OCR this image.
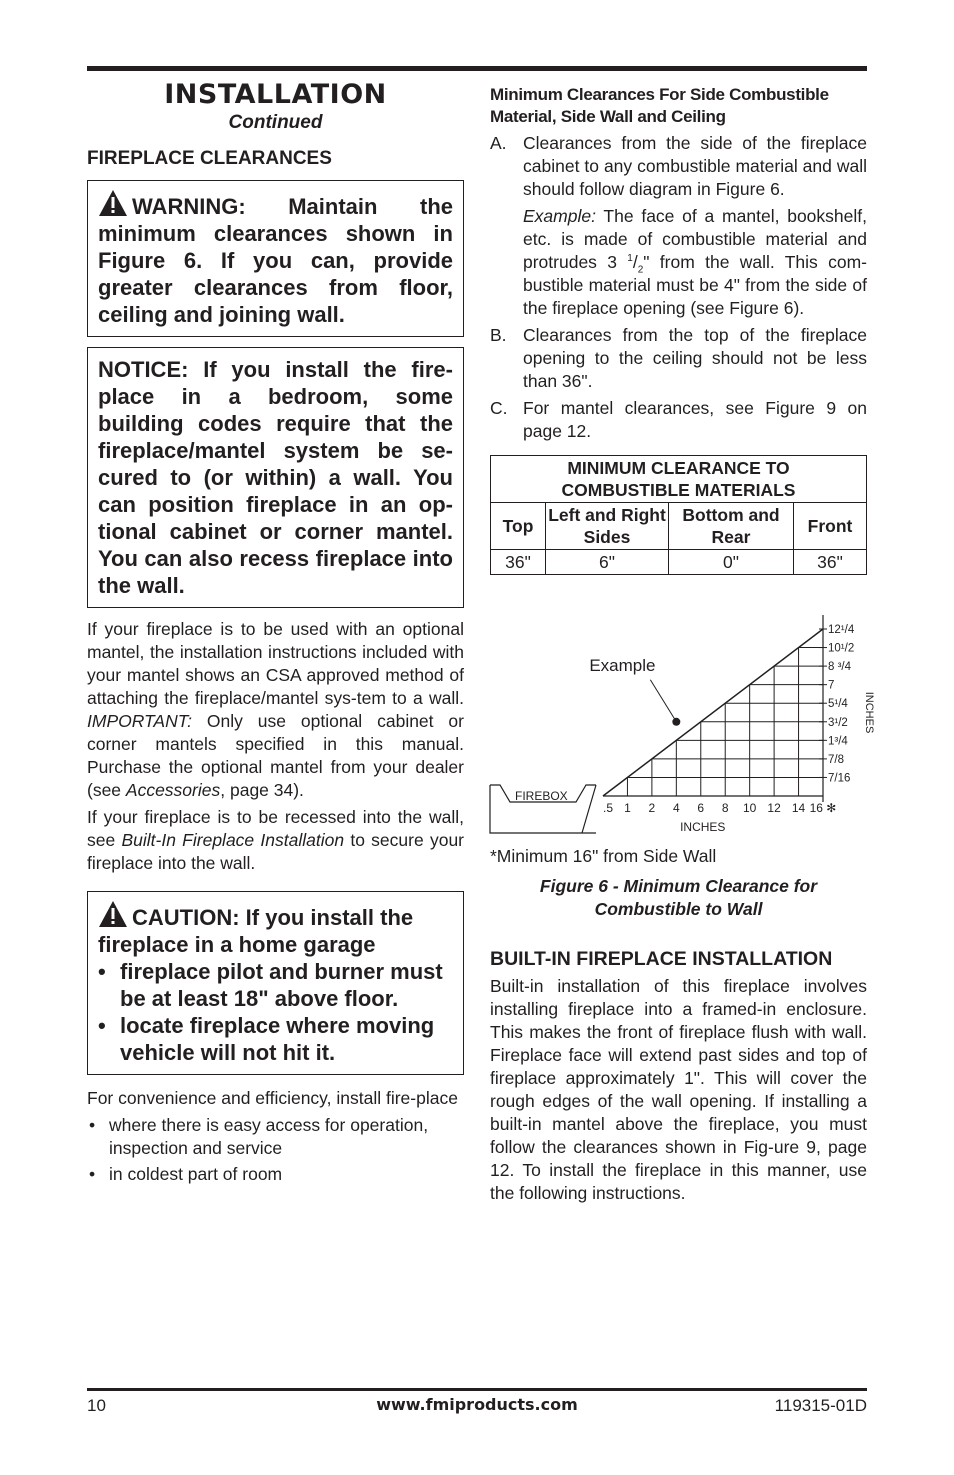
INSTALLATION
Continued
FIREPLACE CLEARANCES
WARNING: Maintain the minimum clearances shown in Figure 6. If you can, provide greater clearances from floor, ceiling and joining wall.
NOTICE: If you install the fire-place in a bedroom, some building codes require that the fireplace/mantel system be se-cured to (or within) a wall. You can position fireplace in an op-tional cabinet or corner mantel. You can also recess fireplace into the wall.

If your fireplace is to be used with an optional mantel, the installation instructions included with your mantel shows an CSA approved method of attaching the fireplace/mantel sys-tem to a wall. IMPORTANT: Only use optional cabinet or corner mantels specified in this manual. Purchase the optional mantel from your dealer (see Accessories, page 34).

If your fireplace is to be recessed into the wall, see Built-In Fireplace Installation to secure your fireplace into the wall.

CAUTION: If you install the fireplace in a home garage
• fireplace pilot and burner must be at least 18" above floor.
• locate fireplace where moving vehicle will not hit it.

For convenience and efficiency, install fire-place

• where there is easy access for operation, inspection and service
• in coldest part of room
Minimum Clearances For Side Combustible Material, Side Wall and Ceiling
A. Clearances from the side of the fireplace cabinet to any combustible material and wall should follow diagram in Figure 6.
Example: The face of a mantel, bookshelf, etc. is made of combustible material and protrudes 3 $^1/_2$" from the wall. This com-bustible material must be 4" from the side of the fireplace opening (see Figure 6).
B. Clearances from the top of the fireplace opening to the ceiling should not be less than 36".
C. For mantel clearances, see Figure 9 on page 12.
MINIMUM CLEARANCE TO
COMBUSTIBLE MATERIALS			
Top	Left and Right Sides	Bottom and Rear	Front
36"	6"	0"	36"
.5 1 2 4 6 8 10 12 14 16 ✻
7/16
7/8
1³/4
3¹/2
5¹/4
7
8 ³/4
10¹/2
12¹/4
INCHES
INCHES
Example
FIREBOX
*Minimum 16" from Side Wall
Figure 6 - Minimum Clearance for
Combustible to Wall
BUILT-IN FIREPLACE INSTALLATION

Built-in installation of this fireplace involves installing fireplace into a framed-in enclosure. This makes the front of fireplace flush with wall. Fireplace face will extend past sides and top of fireplace approximately 1". This will cover the rough edges of the wall opening. If installing a built-in mantel above the fireplace, you must follow the clearances shown in Fig-ure 9, page 12. To install the fireplace in this manner, use the following instructions.

10	www.fmiproducts.com	119315-01D
